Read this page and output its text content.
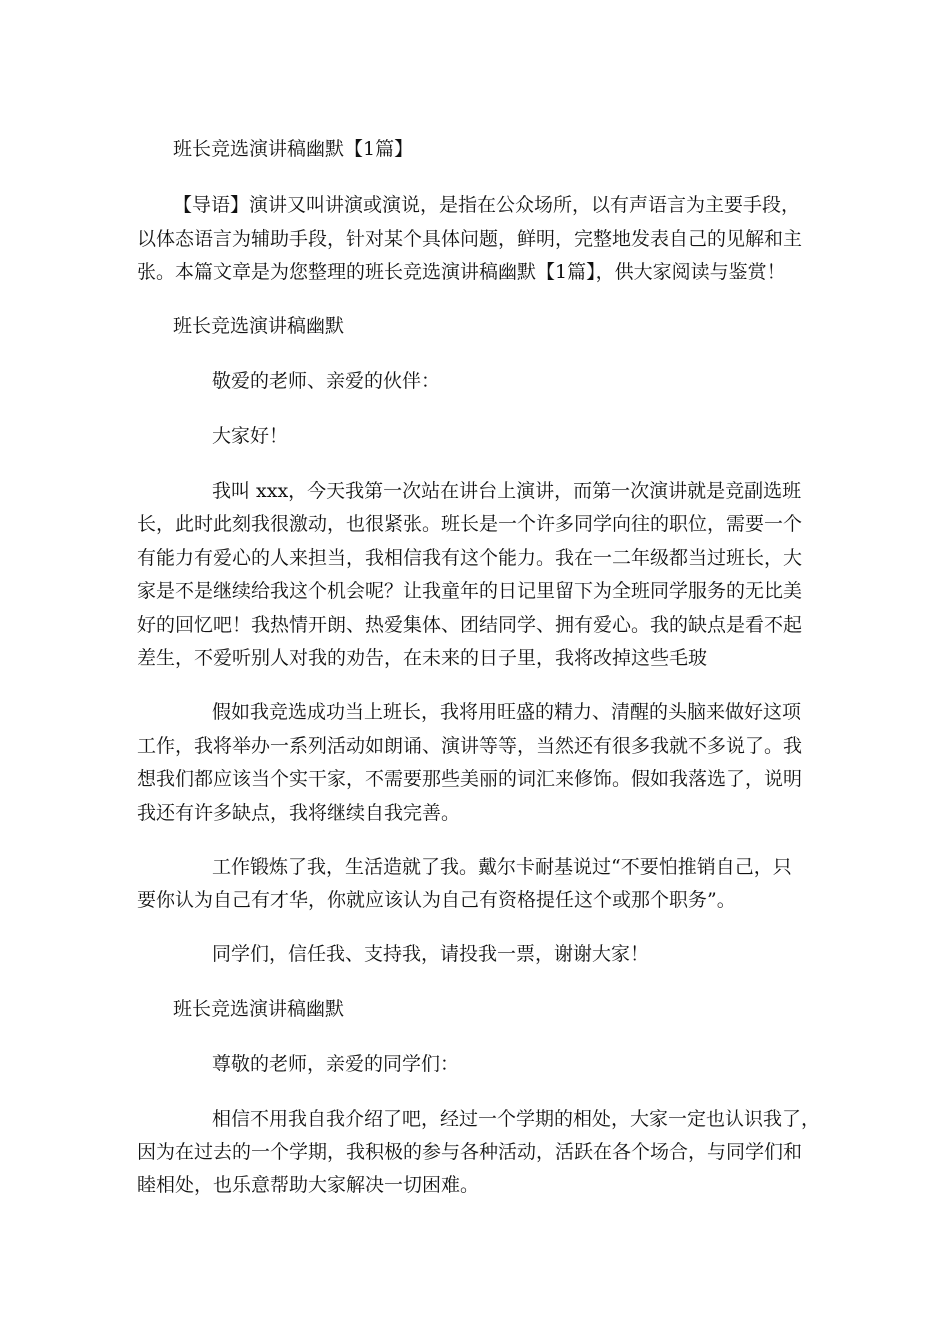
班长竞选演讲稿幽默【1篇】
【导语】演讲又叫讲演或演说，是指在公众场所，以有声语言为主要手段，
以体态语言为辅助手段，针对某个具体问题，鲜明，完整地发表自己的见解和主
张。本篇文章是为您整理的班长竞选演讲稿幽默【1篇】，供大家阅读与鉴赏！
班长竞选演讲稿幽默
敬爱的老师、亲爱的伙伴：
大家好！
我叫 xxx，今天我第一次站在讲台上演讲，而第一次演讲就是竞副选班
长，此时此刻我很激动，也很紧张。班长是一个许多同学向往的职位，需要一个
有能力有爱心的人来担当，我相信我有这个能力。我在一二年级都当过班长，大
家是不是继续给我这个机会呢？让我童年的日记里留下为全班同学服务的无比美
好的回忆吧！我热情开朗、热爱集体、团结同学、拥有爱心。我的缺点是看不起
差生，不爱听别人对我的劝告，在未来的日子里，我将改掉这些毛玻
假如我竞选成功当上班长，我将用旺盛的精力、清醒的头脑来做好这项
工作，我将举办一系列活动如朗诵、演讲等等，当然还有很多我就不多说了。我
想我们都应该当个实干家，不需要那些美丽的词汇来修饰。假如我落选了，说明
我还有许多缺点，我将继续自我完善。
工作锻炼了我，生活造就了我。戴尔卡耐基说过“不要怕推销自己，只
要你认为自己有才华，你就应该认为自己有资格提任这个或那个职务”。
同学们，信任我、支持我，请投我一票，谢谢大家！
班长竞选演讲稿幽默
尊敬的老师，亲爱的同学们：
相信不用我自我介绍了吧，经过一个学期的相处，大家一定也认识我了，
因为在过去的一个学期，我积极的参与各种活动，活跃在各个场合，与同学们和
睦相处，也乐意帮助大家解决一切困难。
